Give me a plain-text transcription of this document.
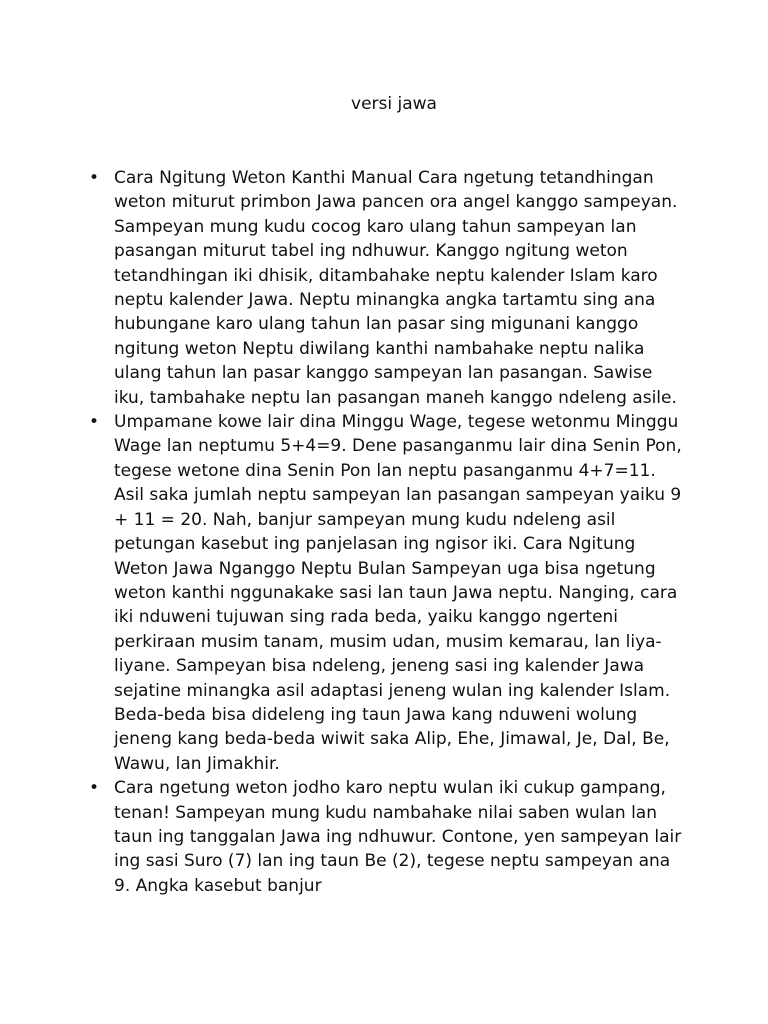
versi jawa
• Cara Ngitung Weton Kanthi Manual Cara ngetung tetandhingan weton miturut primbon Jawa pancen ora angel kanggo sampeyan. Sampeyan mung kudu cocog karo ulang tahun sampeyan lan pasangan miturut tabel ing ndhuwur. Kanggo ngitung weton tetandhingan iki dhisik, ditambahake neptu kalender Islam karo neptu kalender Jawa. Neptu minangka angka tartamtu sing ana hubungane karo ulang tahun lan pasar sing migunani kanggo ngitung weton Neptu diwilang kanthi nambahake neptu nalika ulang tahun lan pasar kanggo sampeyan lan pasangan. Sawise iku, tambahake neptu lan pasangan maneh kanggo ndeleng asile.
• Umpamane kowe lair dina Minggu Wage, tegese wetonmu Minggu Wage lan neptumu 5+4=9. Dene pasanganmu lair dina Senin Pon, tegese wetone dina Senin Pon lan neptu pasanganmu 4+7=11. Asil saka jumlah neptu sampeyan lan pasangan sampeyan yaiku 9 + 11 = 20. Nah, banjur sampeyan mung kudu ndeleng asil petungan kasebut ing panjelasan ing ngisor iki. Cara Ngitung Weton Jawa Nganggo Neptu Bulan Sampeyan uga bisa ngetung weton kanthi nggunakake sasi lan taun Jawa neptu. Nanging, cara iki nduweni tujuwan sing rada beda, yaiku kanggo ngerteni perkiraan musim tanam, musim udan, musim kemarau, lan liya-liyane. Sampeyan bisa ndeleng, jeneng sasi ing kalender Jawa sejatine minangka asil adaptasi jeneng wulan ing kalender Islam. Beda-beda bisa dideleng ing taun Jawa kang nduweni wolung jeneng kang beda-beda wiwit saka Alip, Ehe, Jimawal, Je, Dal, Be, Wawu, lan Jimakhir.
• Cara ngetung weton jodho karo neptu wulan iki cukup gampang, tenan! Sampeyan mung kudu nambahake nilai saben wulan lan taun ing tanggalan Jawa ing ndhuwur. Contone, yen sampeyan lair ing sasi Suro (7) lan ing taun Be (2), tegese neptu sampeyan ana 9. Angka kasebut banjur
